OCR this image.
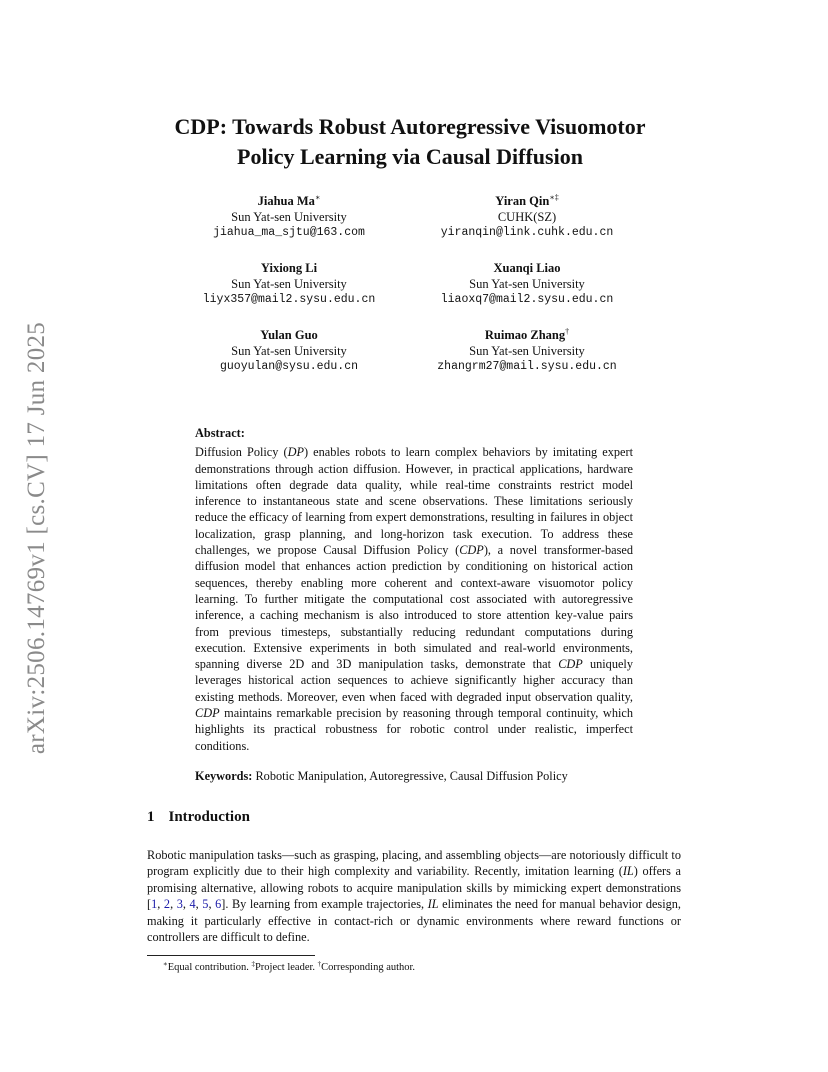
arXiv:2506.14769v1 [cs.CV] 17 Jun 2025
CDP: Towards Robust Autoregressive Visuomotor
Policy Learning via Causal Diffusion
Jiahua Ma∗
Sun Yat-sen University
jiahua_ma_sjtu@163.com
Yiran Qin∗‡
CUHK(SZ)
yiranqin@link.cuhk.edu.cn
Yixiong Li
Sun Yat-sen University
liyx357@mail2.sysu.edu.cn
Xuanqi Liao
Sun Yat-sen University
liaoxq7@mail2.sysu.edu.cn
Yulan Guo
Sun Yat-sen University
guoyulan@sysu.edu.cn
Ruimao Zhang†
Sun Yat-sen University
zhangrm27@mail.sysu.edu.cn
Abstract:
Diffusion Policy (DP) enables robots to learn complex behaviors by imitating expert demonstrations through action diffusion. However, in practical applications, hardware limitations often degrade data quality, while real-time constraints restrict model inference to instantaneous state and scene observations. These limitations seriously reduce the efficacy of learning from expert demonstrations, resulting in failures in object localization, grasp planning, and long-horizon task execution. To address these challenges, we propose Causal Diffusion Policy (CDP), a novel transformer-based diffusion model that enhances action prediction by conditioning on historical action sequences, thereby enabling more coherent and context-aware visuomotor policy learning. To further mitigate the computational cost associated with autoregressive inference, a caching mechanism is also introduced to store attention key-value pairs from previous timesteps, substantially reducing redundant computations during execution. Extensive experiments in both simulated and real-world environments, spanning diverse 2D and 3D manipulation tasks, demonstrate that CDP uniquely leverages historical action sequences to achieve significantly higher accuracy than existing methods. Moreover, even when faced with degraded input observation quality, CDP maintains remarkable precision by reasoning through temporal continuity, which highlights its practical robustness for robotic control under realistic, imperfect conditions.
Keywords: Robotic Manipulation, Autoregressive, Causal Diffusion Policy
1 Introduction
Robotic manipulation tasks—such as grasping, placing, and assembling objects—are notoriously difficult to program explicitly due to their high complexity and variability. Recently, imitation learning (IL) offers a promising alternative, allowing robots to acquire manipulation skills by mimicking expert demonstrations [1, 2, 3, 4, 5, 6]. By learning from example trajectories, IL eliminates the need for manual behavior design, making it particularly effective in contact-rich or dynamic environments where reward functions or controllers are difficult to define.
∗Equal contribution. ‡Project leader. †Corresponding author.
